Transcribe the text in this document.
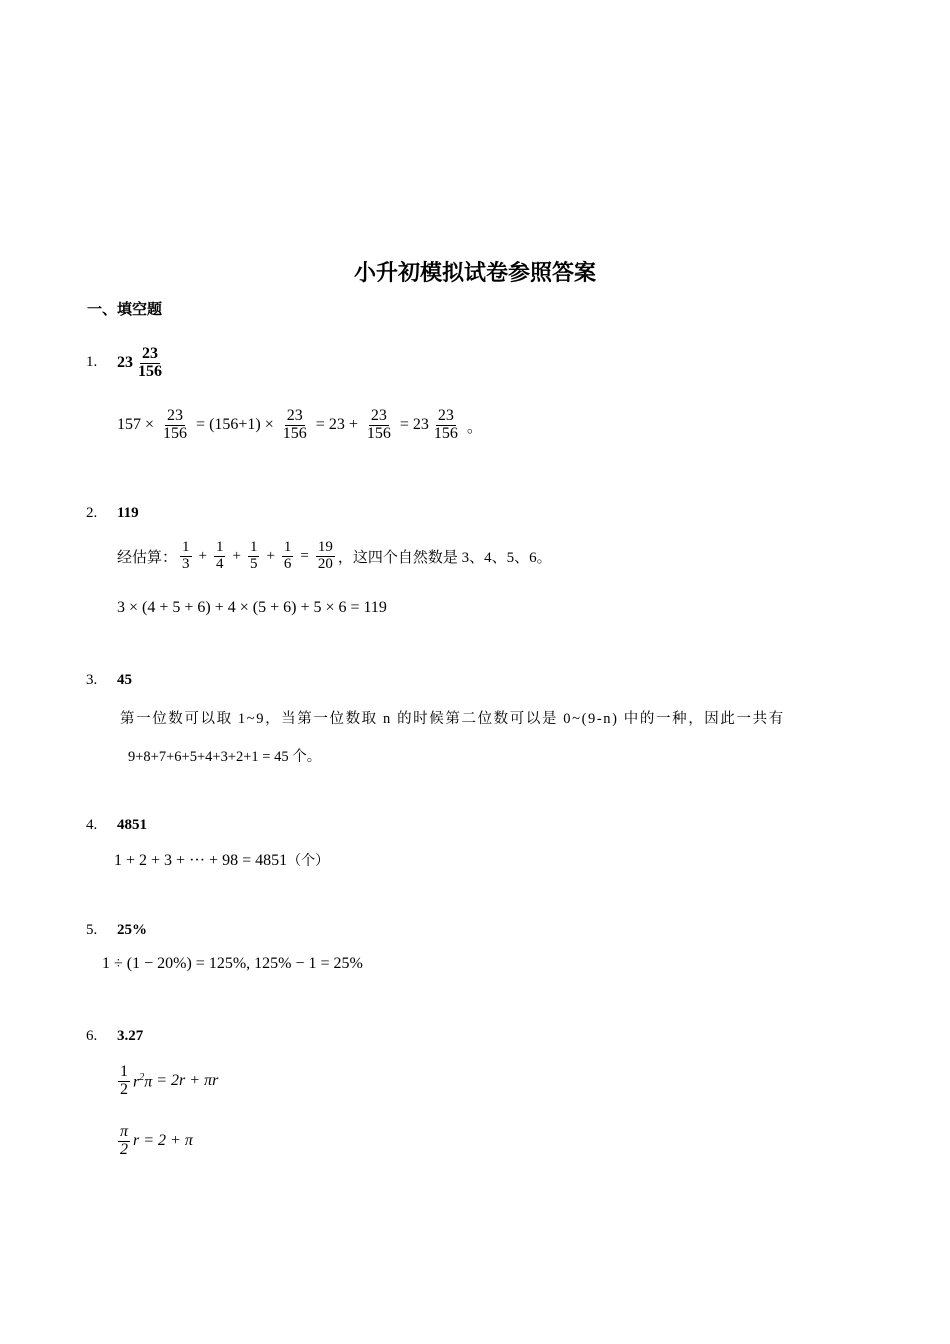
小升初模拟试卷参照答案
一、填空题
1. $23 \frac{23}{156}$
$157 \times \frac{23}{156} = (156+1) \times \frac{23}{156} = 23 + \frac{23}{156} = 23 \frac{23}{156}$ 。
2. 119
经估算： $\frac{1}{3} + \frac{1}{4} + \frac{1}{5} + \frac{1}{6} = \frac{19}{20}$ ，这四个自然数是 3、4、5、6。
3 × (4 + 5 + 6) + 4 × (5 + 6) + 5 × 6 = 119
3. 45
第一位数可以取 1~9，当第一位数取 n 的时候第二位数可以是 0~(9-n) 中的一种，因此一共有
9+8+7+6+5+4+3+2+1 = 45 个。
4. 4851
1 + 2 + 3 + ··· + 98 = 4851（个）
5. 25%
1 ÷ (1 − 20%) = 125%, 125% − 1 = 25%
6. 3.27
$\frac{1}{2} r^2\pi = 2r + \pi r$
$\frac{\pi}{2}$ r = 2 + π
